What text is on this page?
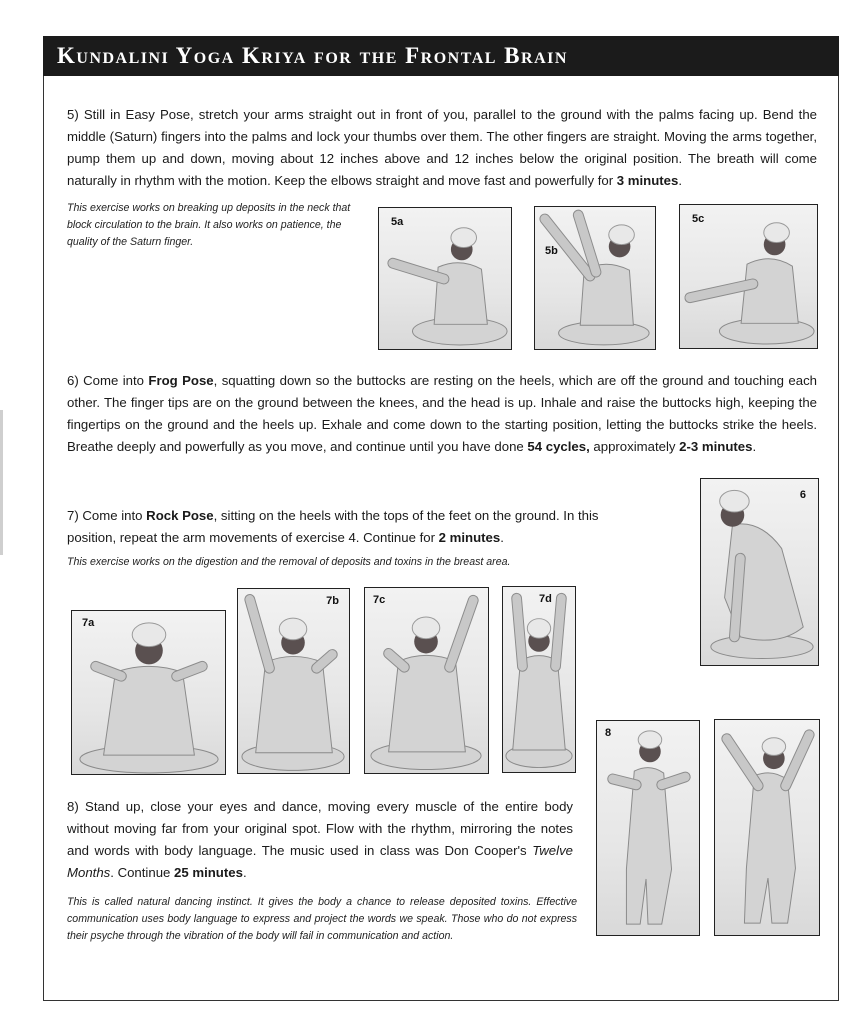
Kundalini Yoga Kriya for the Frontal Brain

5) Still in Easy Pose, stretch your arms straight out in front of you, parallel to the ground with the palms facing up. Bend the middle (Saturn) fingers into the palms and lock your thumbs over them. The other fingers are straight. Moving the arms together, pump them up and down, moving about 12 inches above and 12 inches below the original position. The breath will come naturally in rhythm with the motion. Keep the elbows straight and move fast and powerfully for 3 minutes.

This exercise works on breaking up deposits in the neck that block circulation to the brain. It also works on patience, the quality of the Saturn finger.

5a
5b
5c

6) Come into Frog Pose, squatting down so the buttocks are resting on the heels, which are off the ground and touching each other. The finger tips are on the ground between the knees, and the head is up. Inhale and raise the buttocks high, keeping the fingertips on the ground and the heels up. Exhale and come down to the starting position, letting the buttocks strike the heels. Breathe deeply and powerfully as you move, and continue until you have done 54 cycles, approximately 2-3 minutes.

6

7) Come into Rock Pose, sitting on the heels with the tops of the feet on the ground. In this position, repeat the arm movements of exercise 4. Continue for 2 minutes.

This exercise works on the digestion and the removal of deposits and toxins in the breast area.

7a
7b	7c	7d

8) Stand up, close your eyes and dance, moving every muscle of the entire body without moving far from your original spot. Flow with the rhythm, mirroring the notes and words with body language. The music used in class was Don Cooper's Twelve Months. Continue 25 minutes.

This is called natural dancing instinct. It gives the body a chance to release deposited toxins. Effective communication uses body language to express and project the words we speak. Those who do not express their psyche through the vibration of the body will fail in communication and action.

8
